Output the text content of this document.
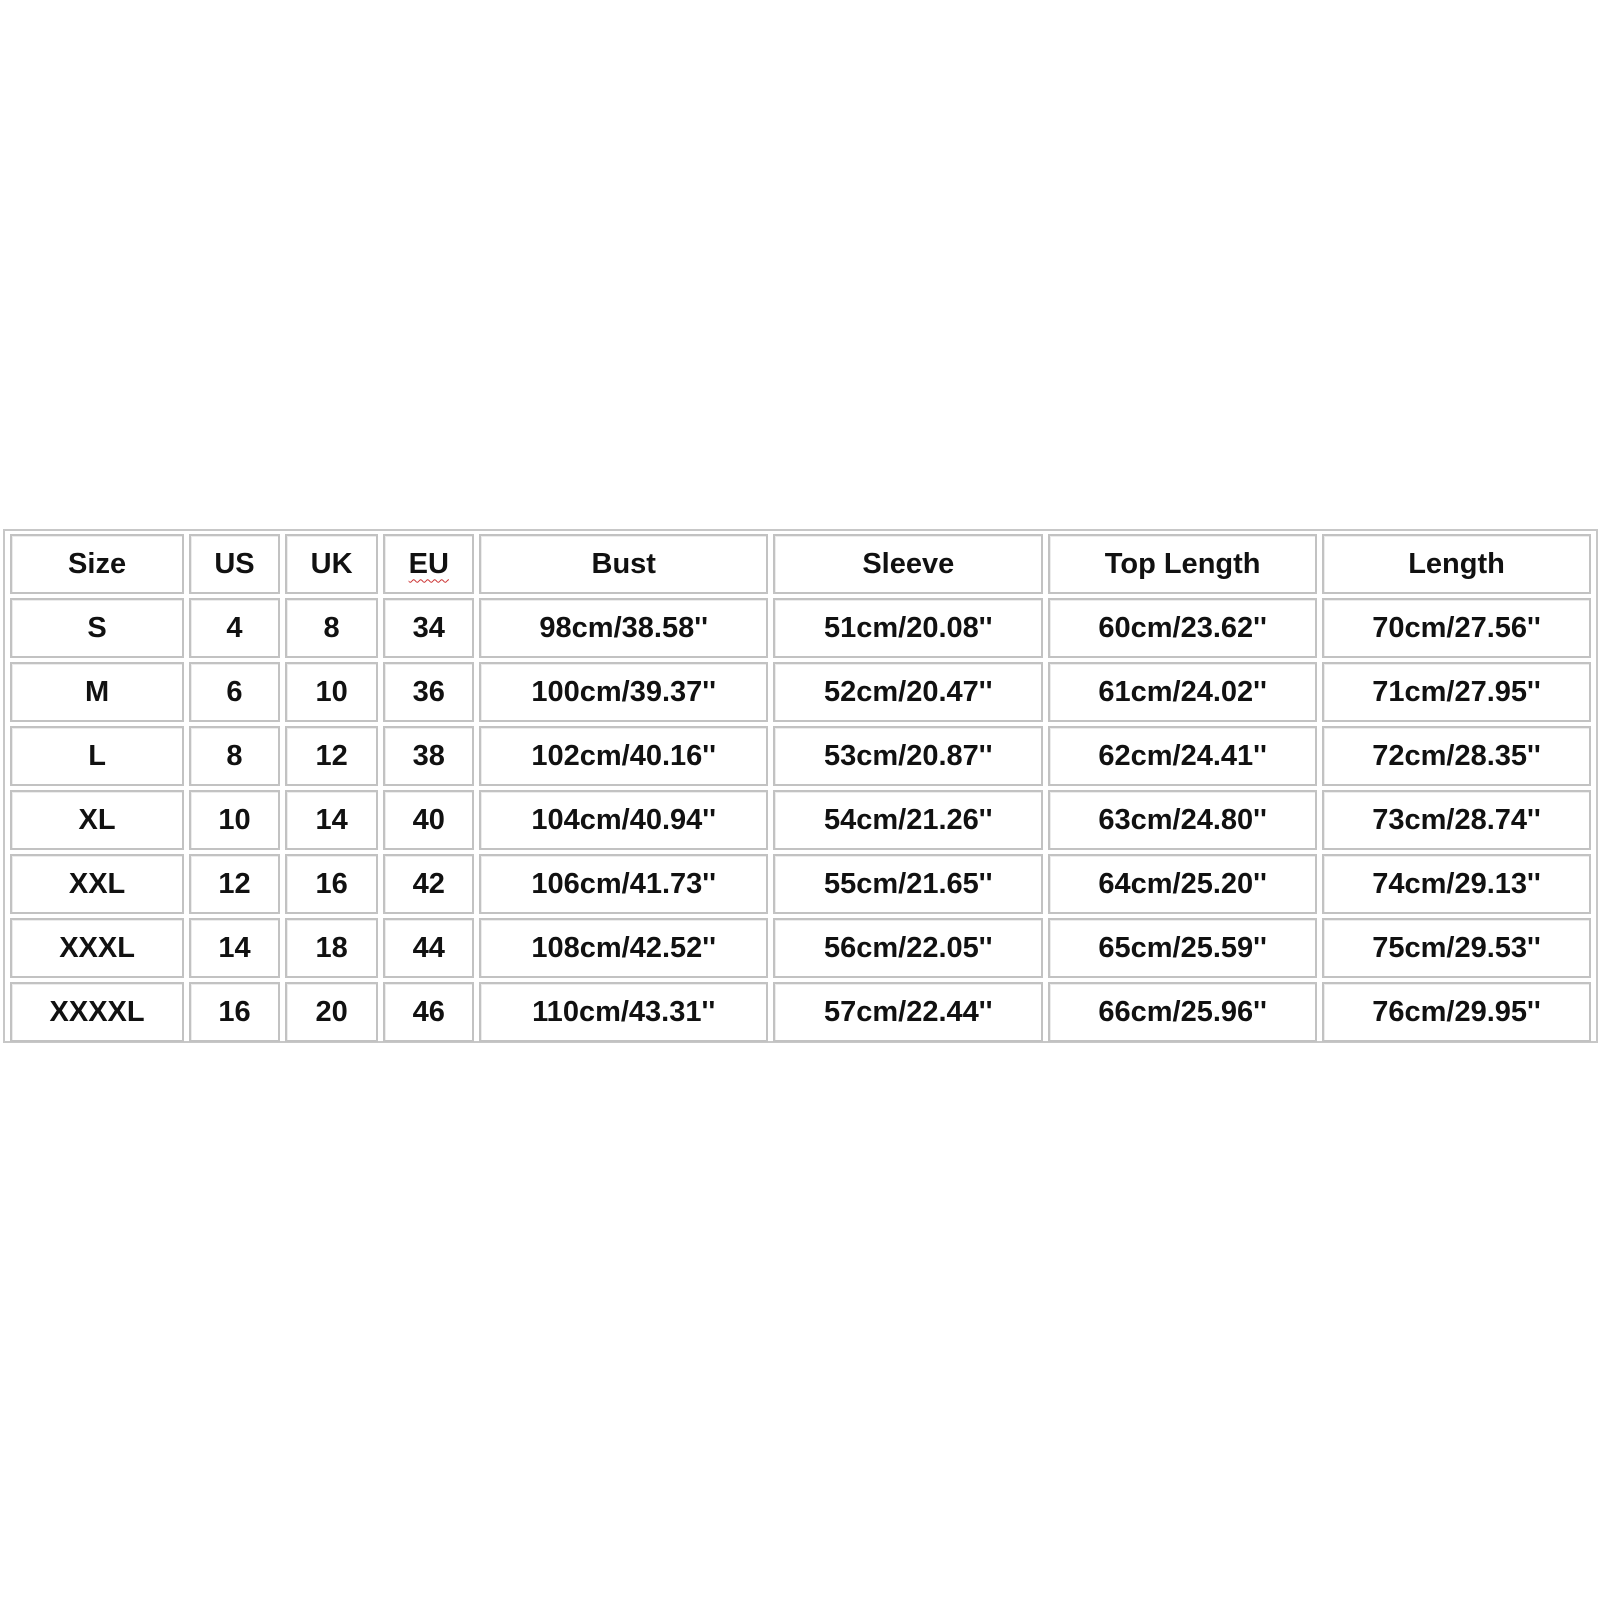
Size	US	UK	EU	Bust	Sleeve	Top Length	Length
S	4	8	34	98cm/38.58''	51cm/20.08''	60cm/23.62''	70cm/27.56''
M	6	10	36	100cm/39.37''	52cm/20.47''	61cm/24.02''	71cm/27.95''
L	8	12	38	102cm/40.16''	53cm/20.87''	62cm/24.41''	72cm/28.35''
XL	10	14	40	104cm/40.94''	54cm/21.26''	63cm/24.80''	73cm/28.74''
XXL	12	16	42	106cm/41.73''	55cm/21.65''	64cm/25.20''	74cm/29.13''
XXXL	14	18	44	108cm/42.52''	56cm/22.05''	65cm/25.59''	75cm/29.53''
XXXXL	16	20	46	110cm/43.31''	57cm/22.44''	66cm/25.96''	76cm/29.95''
